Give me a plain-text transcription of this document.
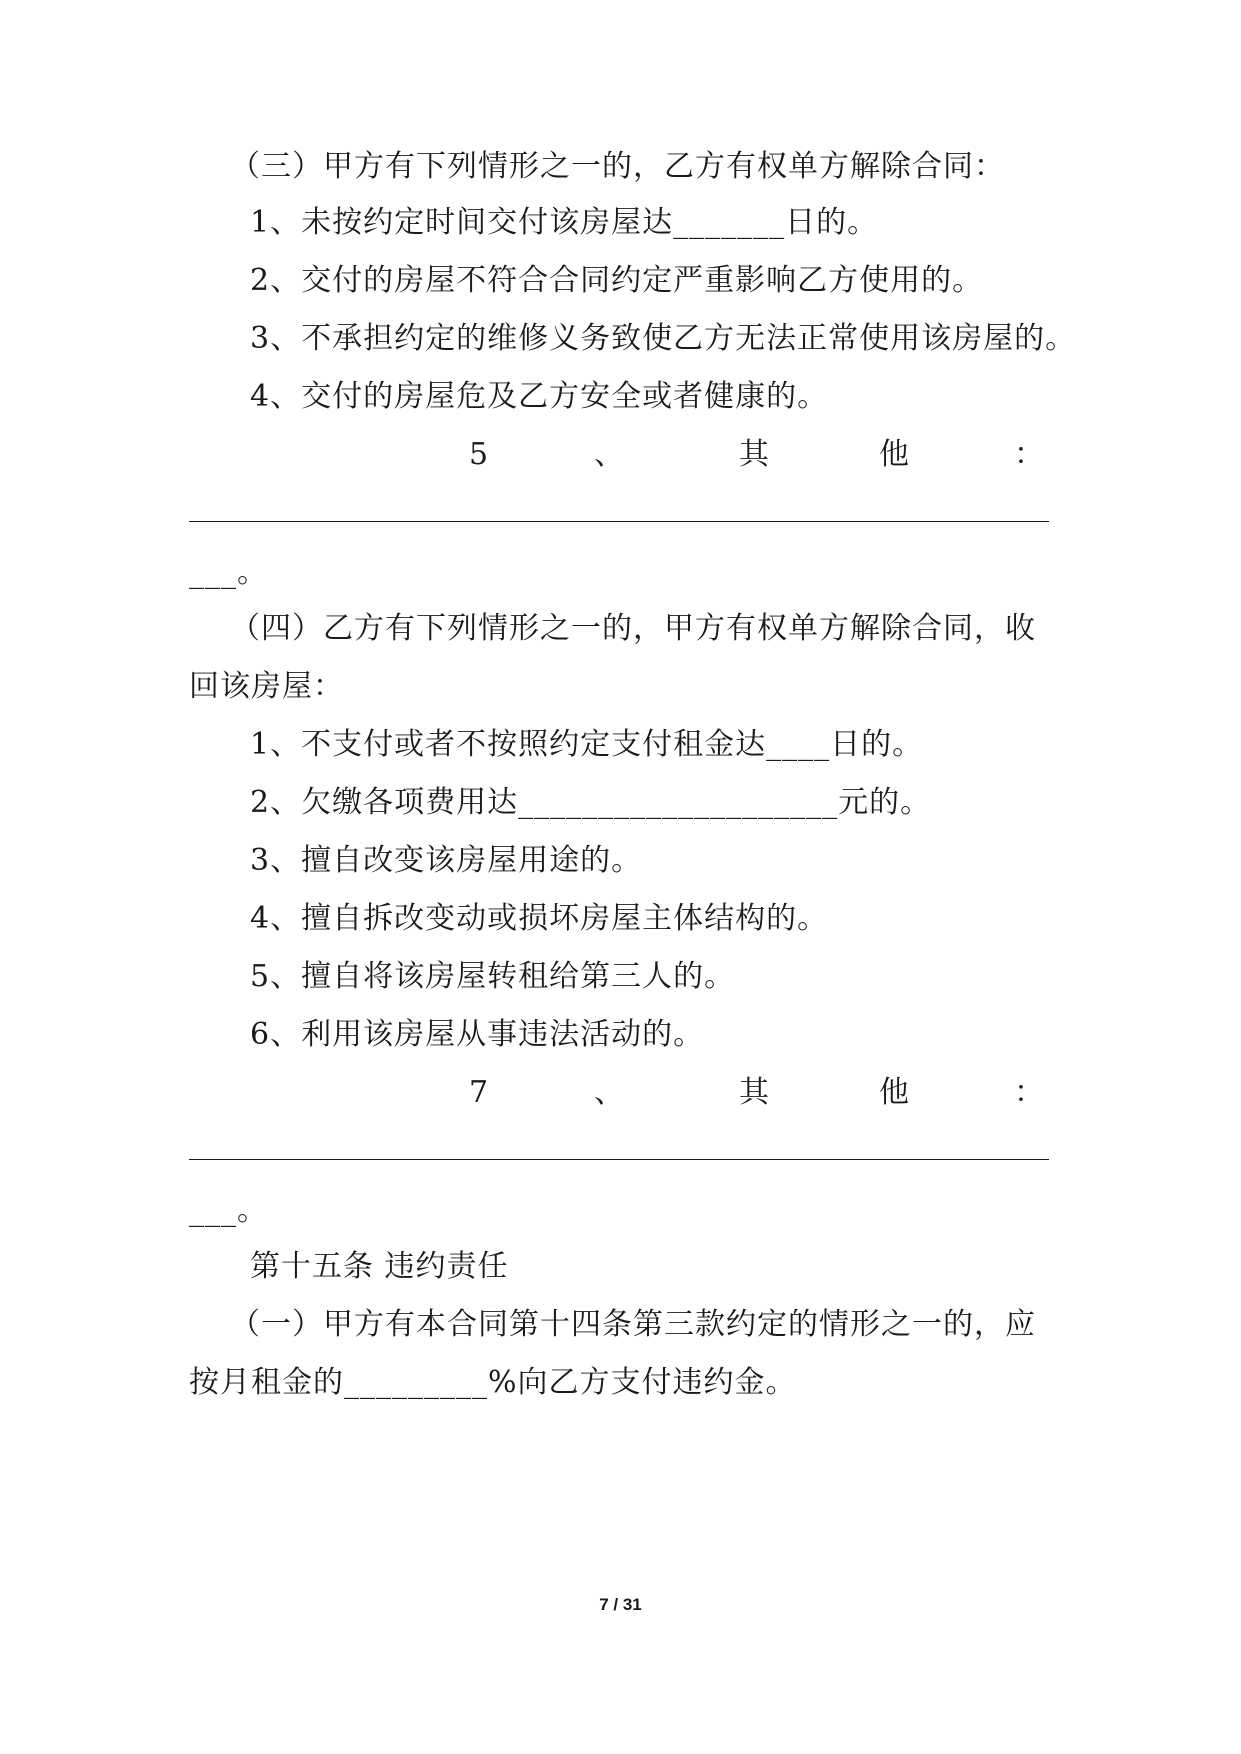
（三）甲方有下列情形之一的，乙方有权单方解除合同：
1、未按约定时间交付该房屋达_______日的。
2、交付的房屋不符合合同约定严重影响乙方使用的。
3、不承担约定的维修义务致使乙方无法正常使用该房屋的。
4、交付的房屋危及乙方安全或者健康的。
5	、	其	他	：
___。
（四）乙方有下列情形之一的，甲方有权单方解除合同，收
回该房屋：
1、不支付或者不按照约定支付租金达____日的。
2、欠缴各项费用达____________________元的。
3、擅自改变该房屋用途的。
4、擅自拆改变动或损坏房屋主体结构的。
5、擅自将该房屋转租给第三人的。
6、利用该房屋从事违法活动的。
7	、	其	他	：
___。
第十五条 违约责任
（一）甲方有本合同第十四条第三款约定的情形之一的，应
按月租金的_________%向乙方支付违约金。
7 / 31
